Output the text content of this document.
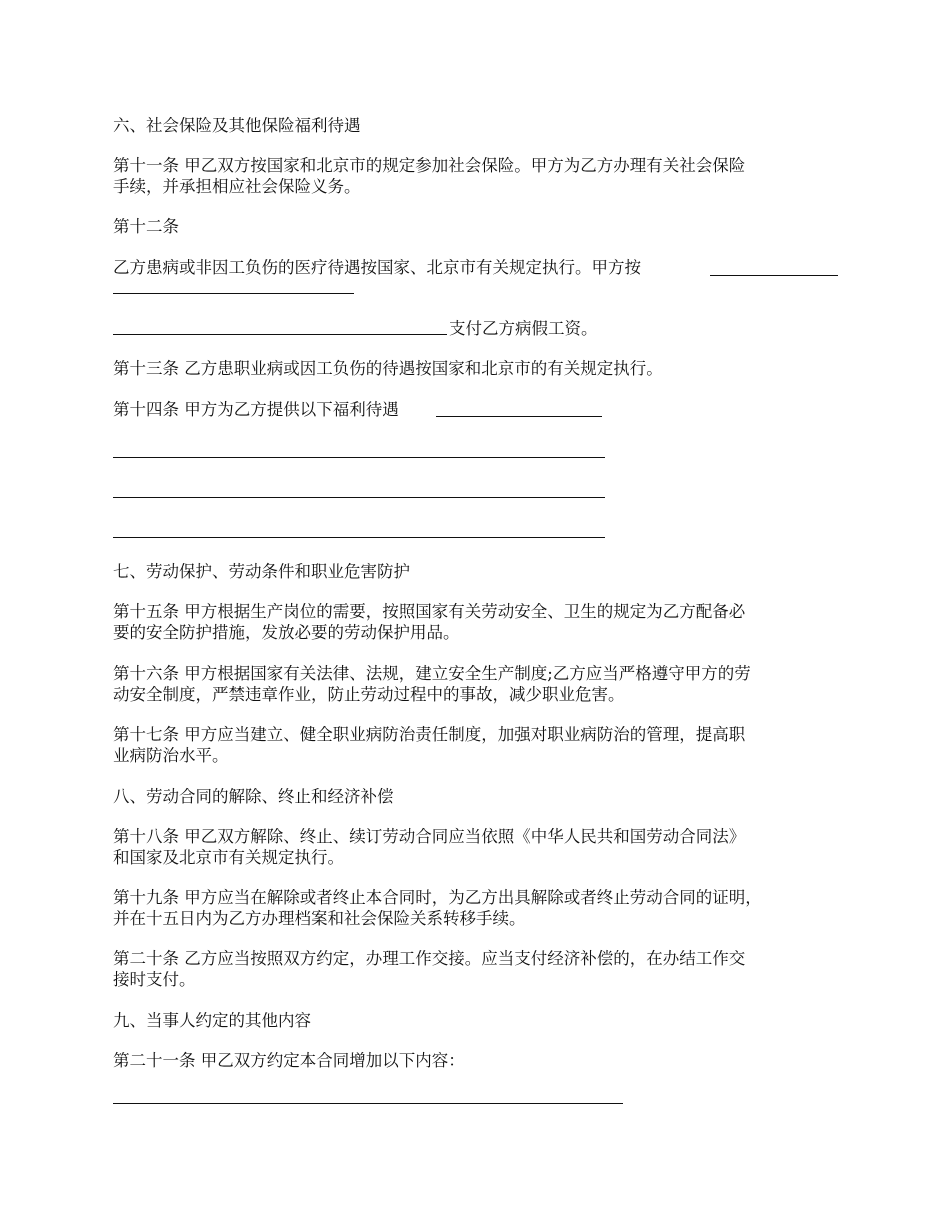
六、社会保险及其他保险福利待遇

第十一条 甲乙双方按国家和北京市的规定参加社会保险。甲方为乙方办理有关社会保险

手续，并承担相应社会保险义务。

第十二条

乙方患病或非因工负伤的医疗待遇按国家、北京市有关规定执行。甲方按

支付乙方病假工资。

第十三条 乙方患职业病或因工负伤的待遇按国家和北京市的有关规定执行。

第十四条 甲方为乙方提供以下福利待遇

七、劳动保护、劳动条件和职业危害防护

第十五条 甲方根据生产岗位的需要，按照国家有关劳动安全、卫生的规定为乙方配备必

要的安全防护措施，发放必要的劳动保护用品。

第十六条 甲方根据国家有关法律、法规，建立安全生产制度;乙方应当严格遵守甲方的劳

动安全制度，严禁违章作业，防止劳动过程中的事故，减少职业危害。

第十七条 甲方应当建立、健全职业病防治责任制度，加强对职业病防治的管理，提高职

业病防治水平。

八、劳动合同的解除、终止和经济补偿

第十八条 甲乙双方解除、终止、续订劳动合同应当依照《中华人民共和国劳动合同法》

和国家及北京市有关规定执行。

第十九条 甲方应当在解除或者终止本合同时，为乙方出具解除或者终止劳动合同的证明，

并在十五日内为乙方办理档案和社会保险关系转移手续。

第二十条 乙方应当按照双方约定，办理工作交接。应当支付经济补偿的，在办结工作交

接时支付。

九、当事人约定的其他内容

第二十一条 甲乙双方约定本合同增加以下内容：
